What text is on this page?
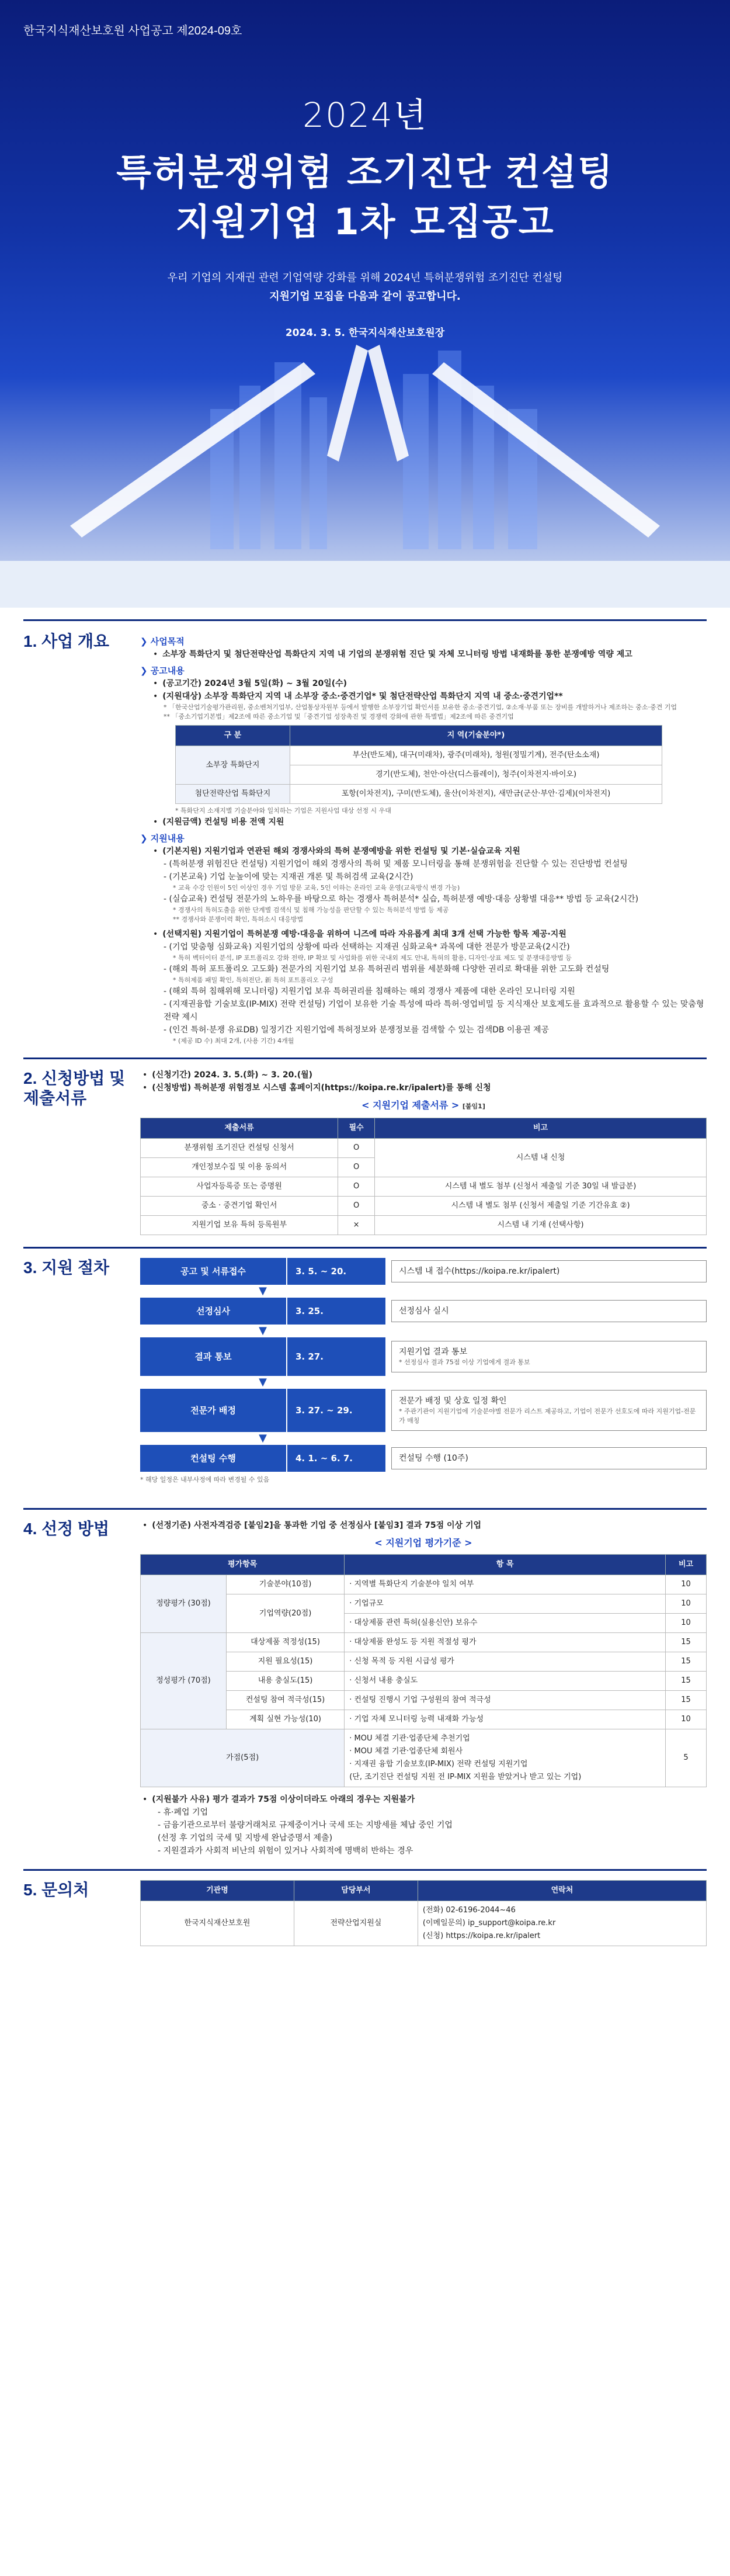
한국지식재산보호원 사업공고 제2024-09호
2024년
특허분쟁위험 조기진단 컨설팅
지원기업 1차 모집공고
우리 기업의 지재권 관련 기업역량 강화를 위해 2024년 특허분쟁위험 조기진단 컨설팅
지원기업 모집을 다음과 같이 공고합니다.
2024. 3. 5. 한국지식재산보호원장
1. 사업 개요	❯ 사업목적
• 소부장 특화단지 및 첨단전략산업 특화단지 지역 내 기업의 분쟁위험 진단 및 자체 모니터링 방법 내재화를 통한 분쟁예방 역량 제고
❯ 공고내용
• (공고기간) 2024년 3월 5일(화) ~ 3월 20일(수)
• (지원대상) 소부장 특화단지 지역 내 소부장 중소·중견기업* 및 첨단전략산업 특화단지 지역 내 중소·중견기업**
* 「한국산업기술평가관리원, 중소벤처기업부, 산업통상자원부 등에서 발행한 소부장기업 확인서를 보유한 중소·중견기업, ②소재·부품 또는 장비를 개발하거나 제조하는 중소·중견 기업
** 「중소기업기본법」제2조에 따른 중소기업 및「중견기업 성장촉진 및 경쟁력 강화에 관한 특별법」제2조에 따른 중견기업
구 분	지 역(기술분야*)
소부장 특화단지	부산(반도체), 대구(미래차), 광주(미래차), 청원(정밀기계), 전주(탄소소재)
	경기(반도체), 천안·아산(디스플레이), 청주(이차전지·바이오)
첨단전략산업 특화단지	포항(이차전지), 구미(반도체), 울산(이차전지), 새만금(군산·부안·김제)(이차전지)
* 특화단지 소재지별 기술분야와 일치하는 기업은 지원사업 대상 선정 시 우대
• (지원금액) 컨설팅 비용 전액 지원
❯ 지원내용
• (기본지원) 지원기업과 연관된 해외 경쟁사와의 특허 분쟁예방을 위한 컨설팅 및 기본·실습교육 지원
- (특허분쟁 위험진단 컨설팅) 지원기업이 해외 경쟁사의 특허 및 제품 모니터링을 통해 분쟁위험을 진단할 수 있는 진단방법 컨설팅
- (기본교육) 기업 눈높이에 맞는 지재권 개론 및 특허검색 교육(2시간)
* 교육 수강 인원이 5인 이상인 경우 기업 방문 교육, 5인 이하는 온라인 교육 운영(교육방식 변경 가능)
- (실습교육) 컨설팅 전문가의 노하우를 바탕으로 하는 경쟁사 특허분석* 실습, 특허분쟁 예방·대응 상황별 대응** 방법 등 교육(2시간)
* 경쟁사의 특허도출을 위한 단계별 검색식 및 침해 가능성을 판단할 수 있는 특허분석 방법 등 제공
** 경쟁사와 분쟁이력 확인, 특허소시 대응방법
• (선택지원) 지원기업이 특허분쟁 예방·대응을 위하여 니즈에 따라 자유롭게 최대 3개 선택 가능한 항목 제공·지원
- (기업 맞춤형 심화교육) 지원기업의 상황에 따라 선택하는 지재권 심화교육* 과목에 대한 전문가 방문교육(2시간)
* 특허 벡터이터 분석, IP 포트폴리오 강화 전략, IP 확보 및 사업화를 위한 국내외 제도 안내, 특허의 활용, 디자인·상표 제도 및 분쟁대응방법 등
- (해외 특허 포트폴리오 고도화) 전문가의 지원기업 보유 특허권리 범위를 세분화해 다양한 권리로 확대를 위한 고도화 컨설팅
* 특허제품 패밀 확인, 특허전단, 新 특허 포트폴리오 구성
- (해외 특허 침해위해 모니터링) 지원기업 보유 특허권리를 침해하는 해외 경쟁사 제품에 대한 온라인 모니터링 지원
- (지재권융합 기술보호(IP-MIX) 전략 컨설팅) 기업이 보유한 기술 특성에 따라 특허·영업비밀 등 지식재산 보호제도를 효과적으로 활용할 수 있는 맞춤형 전략 제시
- (인건 특허·분쟁 유료DB) 일정기간 지원기업에 특허정보와 분쟁정보를 검색할 수 있는 검색DB 이용권 제공
* (제공 ID 수) 최대 2개, (사용 기간) 4개월
2. 신청방법 및 제출서류
• (신청기간) 2024. 3. 5.(화) ~ 3. 20.(월)
• (신청방법) 특허분쟁 위험경보 시스템 홈페이지(https://koipa.re.kr/ipalert)를 통해 신청
< 지원기업 제출서류 > [붙임1]
제출서류	필수	비고
분쟁위험 조기진단 컨설팅 신청서	O	시스템 내 신청
개인정보수집 및 이용 동의서	O	
사업자등록증 또는 증명원	O	시스템 내 별도 첨부 (신청서 제출일 기준 30일 내 발급분)
중소 · 중견기업 확인서	O	시스템 내 별도 첨부 (신청서 제출일 기준 기간유효 ②)
지원기업 보유 특허 등록원부	×	시스템 내 기재 (선택사항)
3. 지원 절차	공고 및 서류접수	3. 5. ~ 20.	시스템 내 접수(https://koipa.re.kr/ipalert)
▼
선정심사	3. 25.	선정심사 실시
▼
결과 통보	3. 27.	지원기업 결과 통보
* 선정심사 결과 75점 이상 기업에게 결과 통보
▼
전문가 배정	3. 27. ~ 29.
전문가 배정 및 상호 일정 확인
* 주관기관이 지원기업에 기술분야별 전문가 리스트 제공하고, 기업이 전문가 선호도에 따라 지원기업-전문가 매칭
▼
컨설팅 수행	4. 1. ~ 6. 7.	컨설팅 수행 (10주)
* 해당 일정은 내부사정에 따라 변경될 수 있음
4. 선정 방법	• (선정기준) 사전자격검증 [붙임2]을 통과한 기업 중 선정심사 [붙임3] 결과 75점 이상 기업
< 지원기업 평가기준 >
평가항목		항 목	비고
정량평가 (30점)	기술분야(10점)	· 지역별 특화단지 기술분야 일치 여부	10
	기업역량(20점)	· 기업규모	10
		· 대상제품 관련 특허(실용신안) 보유수	10
정성평가 (70점)	대상제품 적정성(15)	· 대상제품 완성도 등 지원 적절성 평가	15
	지원 필요성(15)	· 신청 목적 등 지원 시급성 평가	15
	내용 충실도(15)	· 신청서 내용 충실도	15
	컨설팅 참여 적극성(15)	· 컨설팅 진행시 기업 구성원의 참여 적극성	15
	계획 실현 가능성(10)	· 기업 자체 모니터링 능력 내재화 가능성	10
가점(5점)		· MOU 체결 기관·업종단체 추천기업
· MOU 체결 기관·업종단체 회원사
· 지재권 융합 기술보호(IP-MIX) 전략 컨설팅 지원기업
(단, 조기진단 컨설팅 지원 전 IP-MIX 지원을 받았거나 받고 있는 기업)	5
• (지원불가 사유) 평가 결과가 75점 이상이더라도 아래의 경우는 지원불가
- 휴·폐업 기업
- 금융기관으로부터 불량거래처로 규제중이거나 국세 또는 지방세를 체납 중인 기업
(선정 후 기업의 국세 및 지방세 완납증명서 제출)
- 지원결과가 사회적 비난의 위험이 있거나 사회적에 명백히 반하는 경우
5. 문의처	기관명	담당부서	연락처
한국지식재산보호원	전략산업지원실	(전화) 02-6196-2044~46
(이메일문의) ip_support@koipa.re.kr
(신청) https://koipa.re.kr/ipalert
